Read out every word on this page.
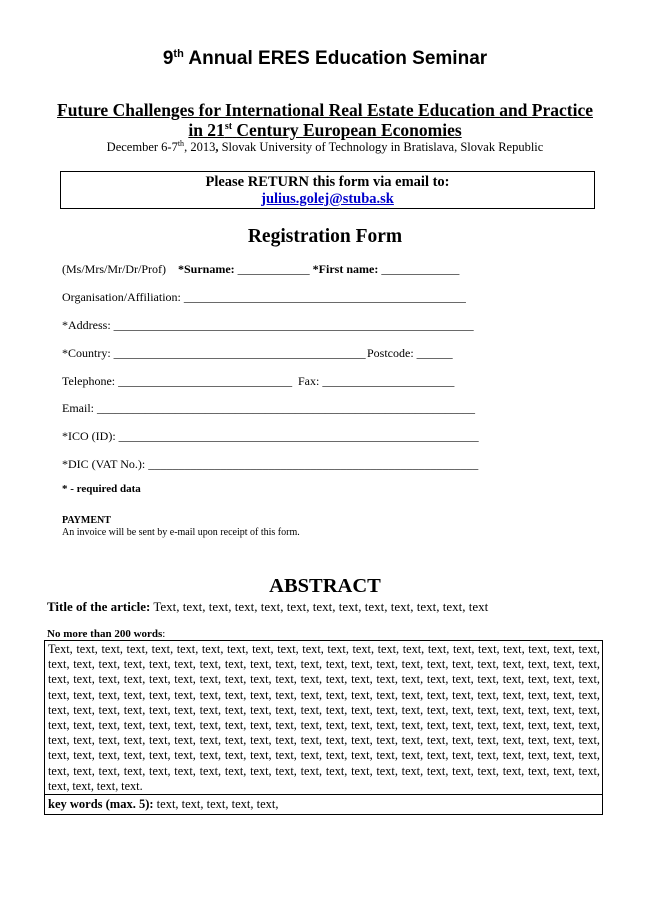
9th Annual ERES Education Seminar
Future Challenges for International Real Estate Education and Practice
in 21st Century European Economies
December 6-7th, 2013, Slovak University of Technology in Bratislava, Slovak Republic
Please RETURN this form via email to:
julius.golej@stuba.sk
Registration Form
(Ms/Mrs/Mr/Dr/Prof) *Surname: ____________ *First name: _____________
Organisation/Affiliation: _______________________________________________
*Address: ____________________________________________________________
*Country: __________________________________________ Postcode: ______
Telephone: _____________________________ Fax: ______________________
Email: _______________________________________________________________
*ICO (ID): ____________________________________________________________
*DIC (VAT No.): _______________________________________________________
* - required data
PAYMENT
An invoice will be sent by e-mail upon receipt of this form.
ABSTRACT
Title of the article: Text, text, text, text, text, text, text, text, text, text, text, text, text
No more than 200 words:
Text, text, text, text, text, text, text, text, text, text, text, text, text, text, text, text, text, text, text, text, text, text, text, text, text, text, text, text, text, text, text, text, text, text, text, text, text, text, text, text, text, text, text, text, text, text, text, text, text, text, text, text, text, text, text, text, text, text, text, text, text, text, text, text, text, text, text, text, text, text, text, text, text, text, text, text, text, text, text, text, text, text, text, text, text, text, text, text, text, text, text, text, text, text, text, text, text, text, text, text, text, text, text, text, text, text, text, text, text, text, text, text, text, text, text, text, text, text, text, text, text, text, text, text, text, text, text, text, text, text, text, text, text, text, text, text, text, text, text, text, text, text, text, text, text, text, text, text, text, text, text, text, text, text, text, text, text, text, text, text, text, text, text, text, text, text, text, text, text, text, text, text, text, text, text, text, text, text, text, text, text, text, text, text, text, text, text, text, text, text, text, text, text, text, text, text, text, text, text, text, text, text.
key words (max. 5): text, text, text, text, text,
